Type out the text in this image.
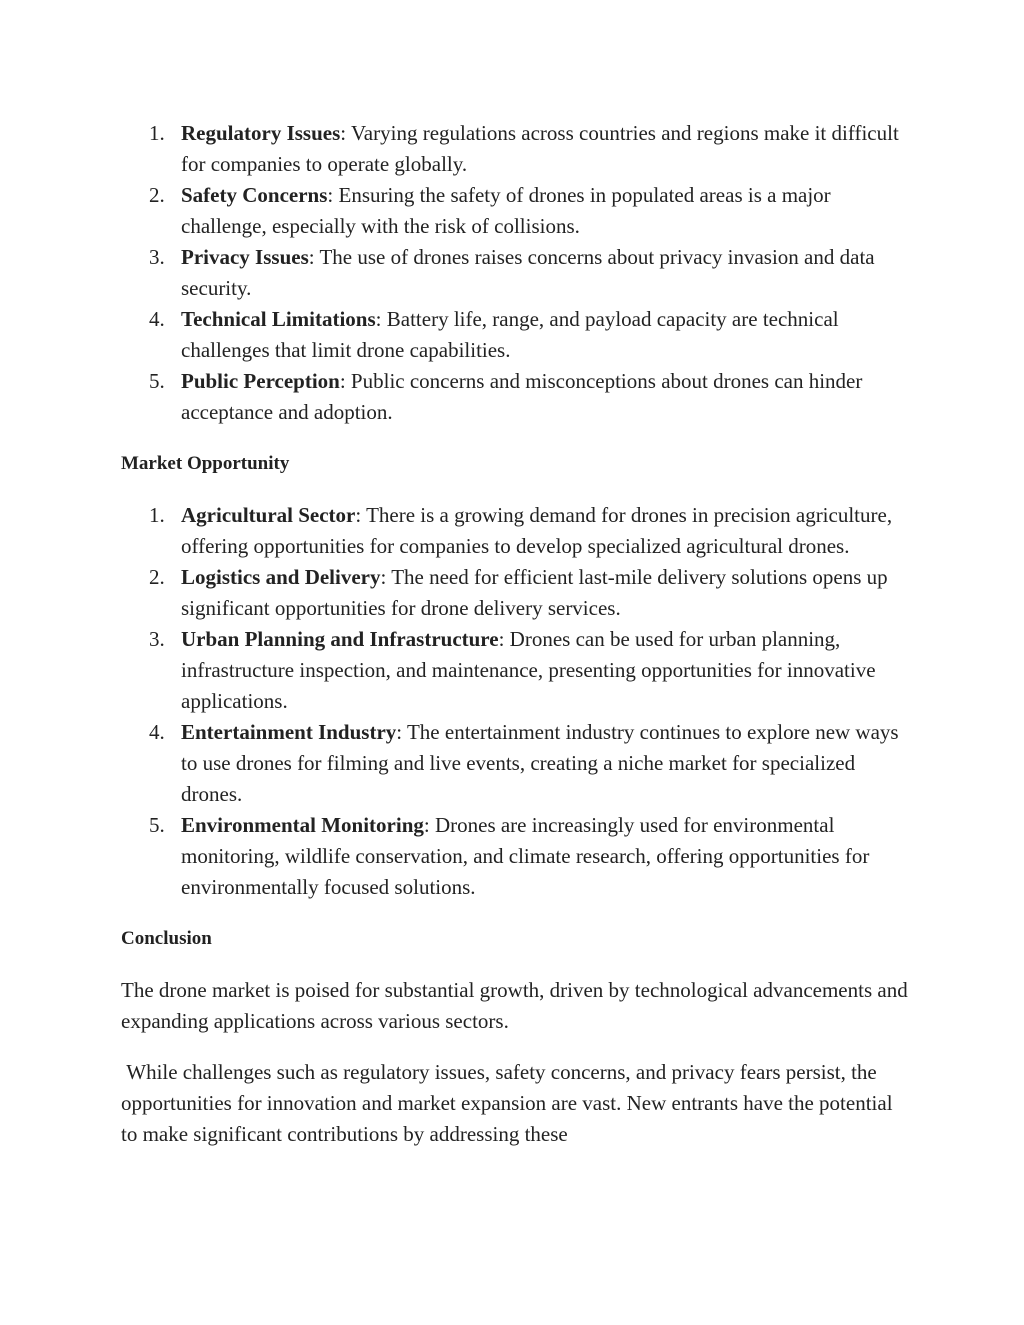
1. Regulatory Issues: Varying regulations across countries and regions make it difficult for companies to operate globally.
2. Safety Concerns: Ensuring the safety of drones in populated areas is a major challenge, especially with the risk of collisions.
3. Privacy Issues: The use of drones raises concerns about privacy invasion and data security.
4. Technical Limitations: Battery life, range, and payload capacity are technical challenges that limit drone capabilities.
5. Public Perception: Public concerns and misconceptions about drones can hinder acceptance and adoption.
Market Opportunity
1. Agricultural Sector: There is a growing demand for drones in precision agriculture, offering opportunities for companies to develop specialized agricultural drones.
2. Logistics and Delivery: The need for efficient last-mile delivery solutions opens up significant opportunities for drone delivery services.
3. Urban Planning and Infrastructure: Drones can be used for urban planning, infrastructure inspection, and maintenance, presenting opportunities for innovative applications.
4. Entertainment Industry: The entertainment industry continues to explore new ways to use drones for filming and live events, creating a niche market for specialized drones.
5. Environmental Monitoring: Drones are increasingly used for environmental monitoring, wildlife conservation, and climate research, offering opportunities for environmentally focused solutions.
Conclusion

The drone market is poised for substantial growth, driven by technological advancements and expanding applications across various sectors.

While challenges such as regulatory issues, safety concerns, and privacy fears persist, the opportunities for innovation and market expansion are vast. New entrants have the potential to make significant contributions by addressing these
